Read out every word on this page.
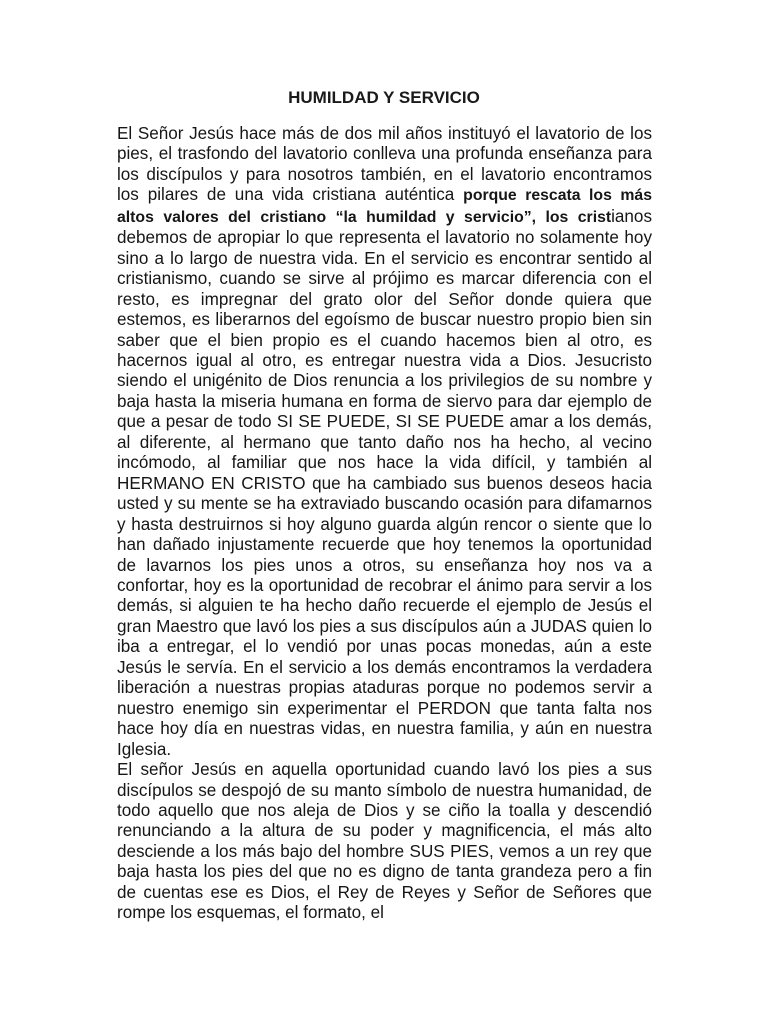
HUMILDAD Y SERVICIO

El Señor Jesús hace más de dos mil años instituyó el lavatorio de los pies, el trasfondo del lavatorio conlleva una profunda enseñanza para los discípulos y para nosotros también, en el lavatorio encontramos los pilares de una vida cristiana auténtica porque rescata los más altos valores del cristiano “la humildad y servicio”, los cristianos debemos de apropiar lo que representa el lavatorio no solamente hoy sino a lo largo de nuestra vida. En el servicio es encontrar sentido al cristianismo, cuando se sirve al prójimo es marcar diferencia con el resto, es impregnar del grato olor del Señor donde quiera que estemos, es liberarnos del egoísmo de buscar nuestro propio bien sin saber que el bien propio es el cuando hacemos bien al otro, es hacernos igual al otro, es entregar nuestra vida a Dios. Jesucristo siendo el unigénito de Dios renuncia a los privilegios de su nombre y baja hasta la miseria humana en forma de siervo para dar ejemplo de que a pesar de todo SI SE PUEDE, SI SE PUEDE amar a los demás, al diferente, al hermano que tanto daño nos ha hecho, al vecino incómodo, al familiar que nos hace la vida difícil, y también al HERMANO EN CRISTO que ha cambiado sus buenos deseos hacia usted y su mente se ha extraviado buscando ocasión para difamarnos y hasta destruirnos si hoy alguno guarda algún rencor o siente que lo han dañado injustamente recuerde que hoy tenemos la oportunidad de lavarnos los pies unos a otros, su enseñanza hoy nos va a confortar, hoy es la oportunidad de recobrar el ánimo para servir a los demás, si alguien te ha hecho daño recuerde el ejemplo de Jesús el gran Maestro que lavó los pies a sus discípulos aún a JUDAS quien lo iba a entregar, el lo vendió por unas pocas monedas, aún a este Jesús le servía. En el servicio a los demás encontramos la verdadera liberación a nuestras propias ataduras porque no podemos servir a nuestro enemigo sin experimentar el PERDON que tanta falta nos hace hoy día en nuestras vidas, en nuestra familia, y aún en nuestra Iglesia.

El señor Jesús en aquella oportunidad cuando lavó los pies a sus discípulos se despojó de su manto símbolo de nuestra humanidad, de todo aquello que nos aleja de Dios y se ciño la toalla y descendió renunciando a la altura de su poder y magnificencia, el más alto desciende a los más bajo del hombre SUS PIES, vemos a un rey que baja hasta los pies del que no es digno de tanta grandeza pero a fin de cuentas ese es Dios, el Rey de Reyes y Señor de Señores que rompe los esquemas, el formato, el
